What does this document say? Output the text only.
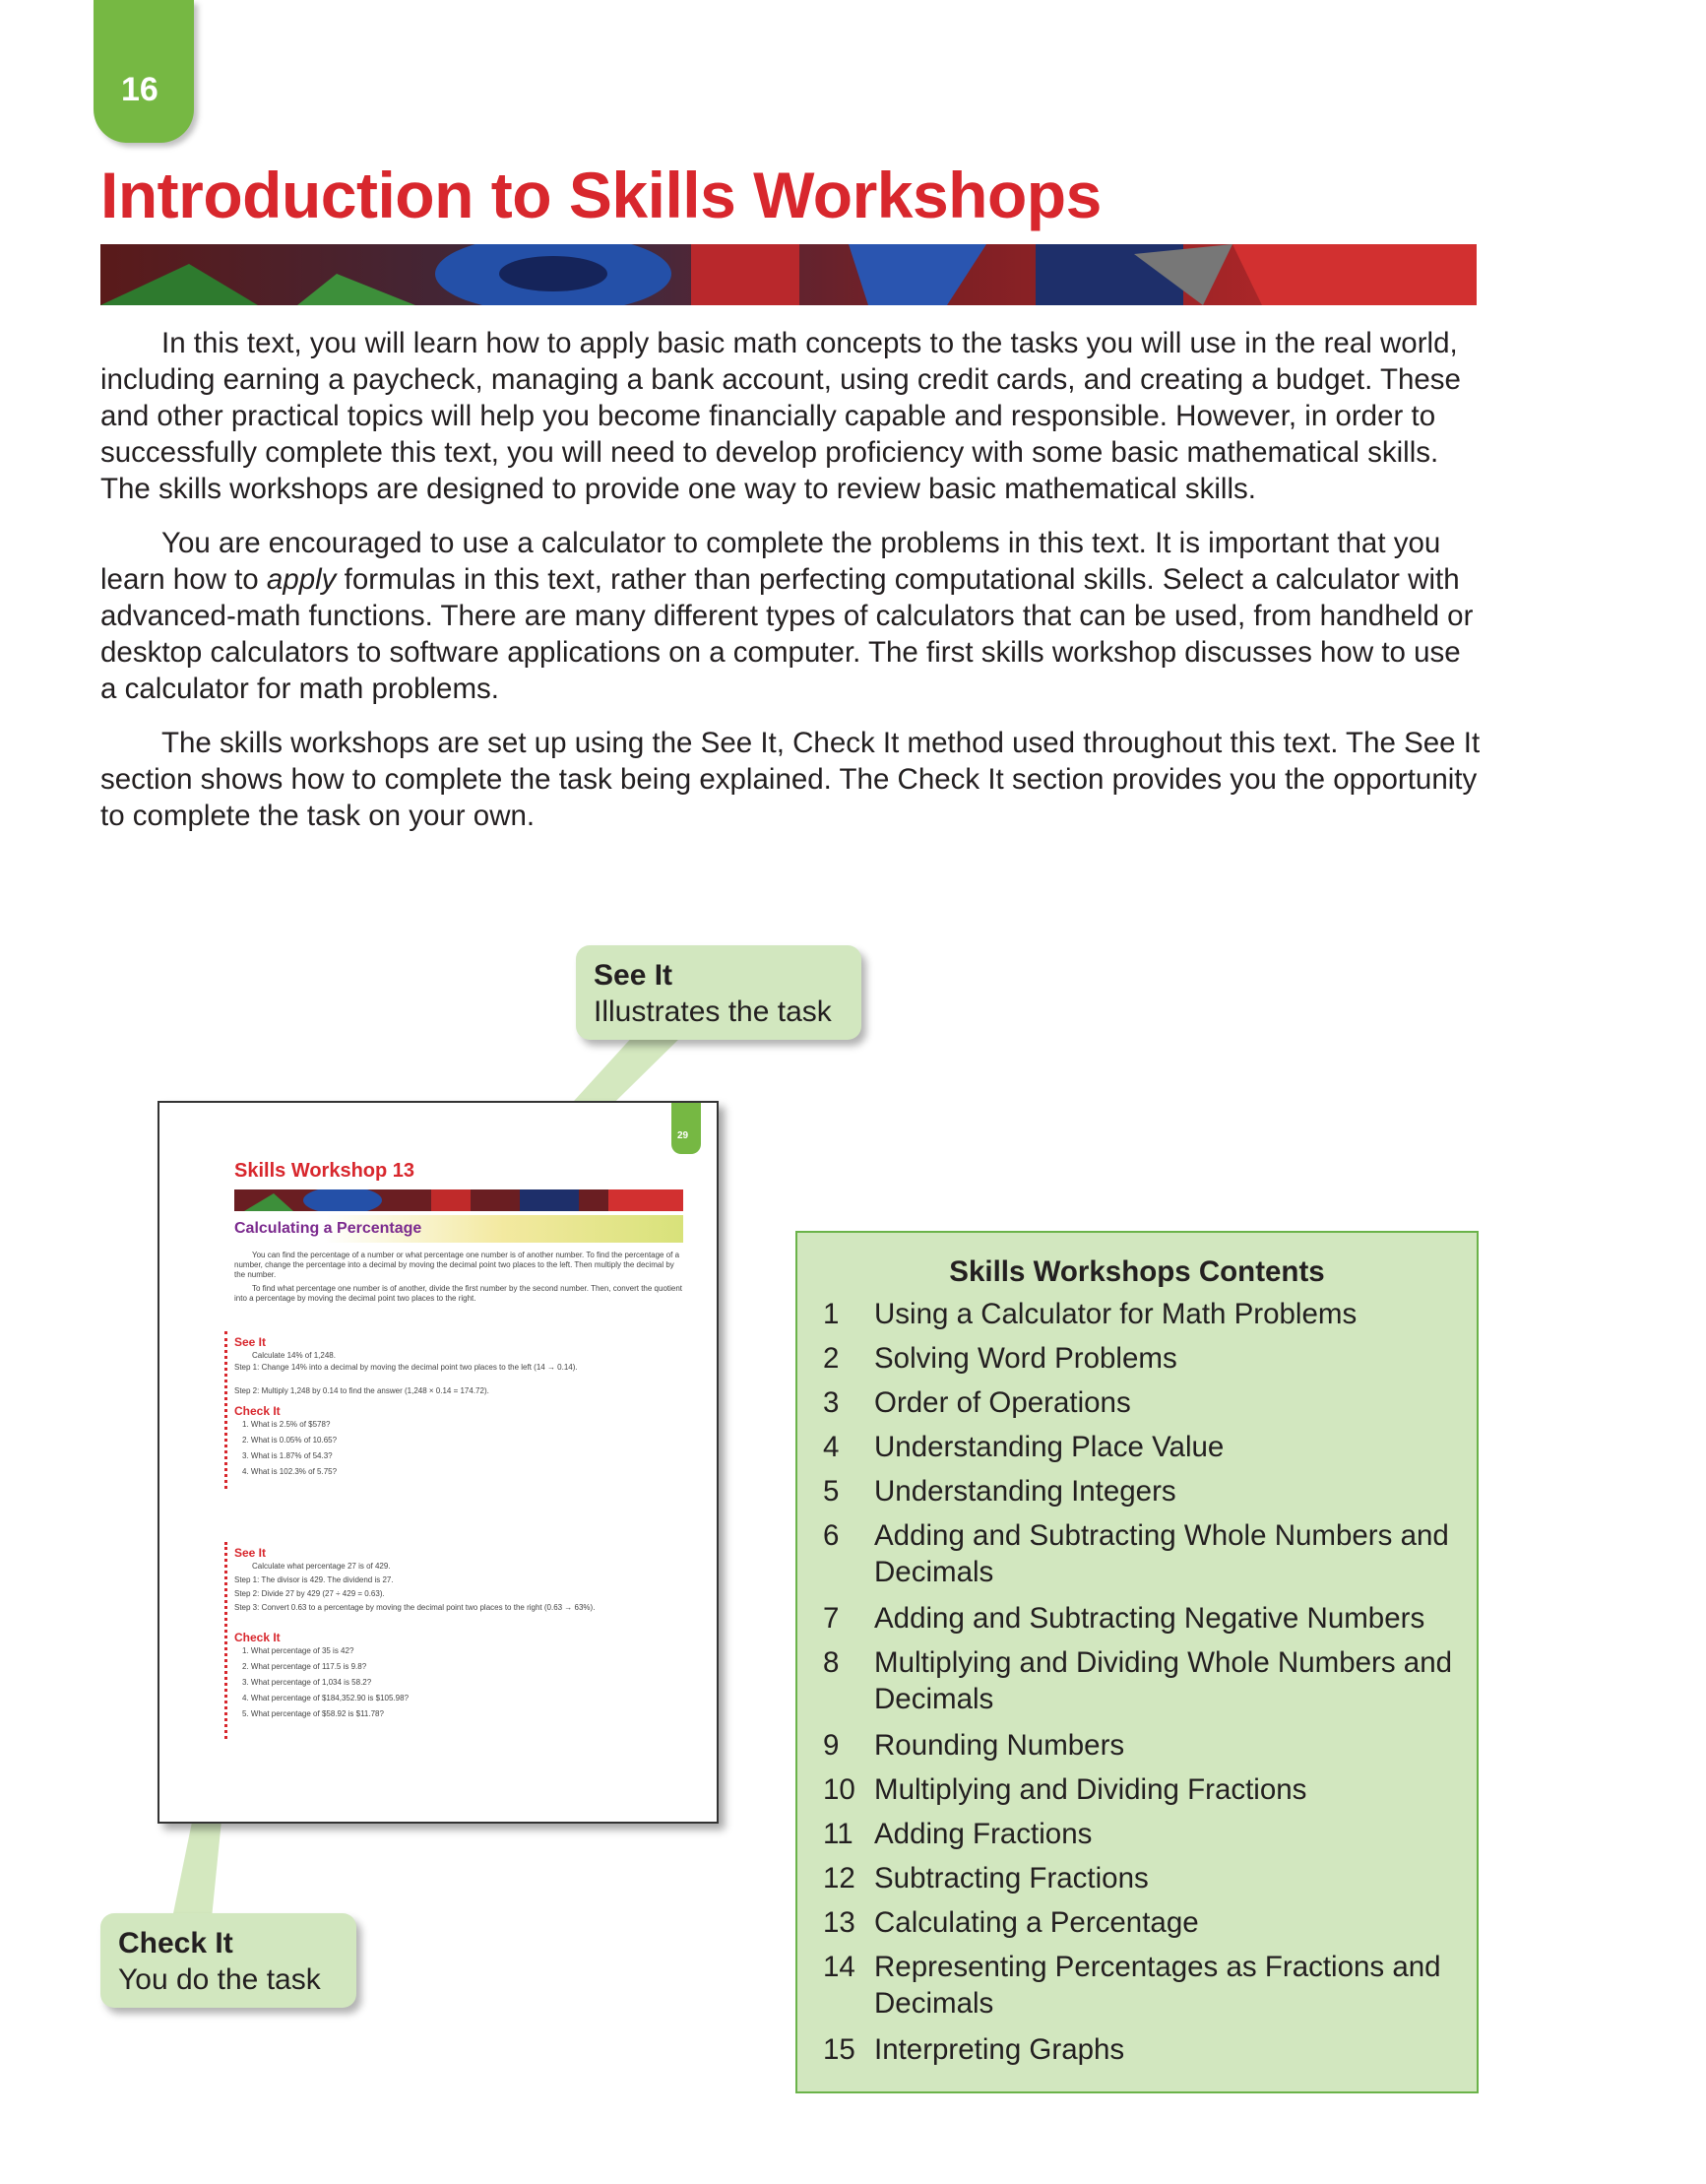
16
Introduction to Skills Workshops

In this text, you will learn how to apply basic math concepts to the tasks you will use in the real world, including earning a paycheck, managing a bank account, using credit cards, and creating a budget. These and other practical topics will help you become financially capable and responsible. However, in order to successfully complete this text, you will need to develop proficiency with some basic mathematical skills. The skills workshops are designed to provide one way to review basic mathematical skills.

You are encouraged to use a calculator to complete the problems in this text. It is important that you learn how to apply formulas in this text, rather than perfecting computational skills. Select a calculator with advanced-math functions. There are many different types of calculators that can be used, from handheld or desktop calculators to software applications on a computer. The first skills workshop discusses how to use a calculator for math problems.

The skills workshops are set up using the See It, Check It method used throughout this text. The See It section shows how to complete the task being explained. The Check It section provides you the opportunity to complete the task on your own.

29
Skills Workshop 13
Calculating a Percentage
You can find the percentage of a number or what percentage one number is of another number. To find the percentage of a number, change the percentage into a decimal by moving the decimal point two places to the left. Then multiply the decimal by the number.
To find what percentage one number is of another, divide the first number by the second number. Then, convert the quotient into a percentage by moving the decimal point two places to the right.
See It
Calculate 14% of 1,248.
Step 1: Change 14% into a decimal by moving the decimal point two places to the left (14 → 0.14).
Step 2: Multiply 1,248 by 0.14 to find the answer (1,248 × 0.14 = 174.72).
Check It
1. What is 2.5% of $578?
2. What is 0.05% of 10.65?
3. What is 1.87% of 54.3?
4. What is 102.3% of 5.75?
See It
Calculate what percentage 27 is of 429.
Step 1: The divisor is 429. The dividend is 27.
Step 2: Divide 27 by 429 (27 ÷ 429 = 0.63).
Step 3: Convert 0.63 to a percentage by moving the decimal point two places to the right (0.63 → 63%).
Check It
1. What percentage of 35 is 42?
2. What percentage of 117.5 is 9.8?
3. What percentage of 1,034 is 58.2?
4. What percentage of $184,352.90 is $105.98?
5. What percentage of $58.92 is $11.78?
See It
Illustrates the task
Check It
You do the task
Skills Workshops Contents
1	Using a Calculator for Math Problems
2	Solving Word Problems
3	Order of Operations
4	Understanding Place Value
5	Understanding Integers
6	Adding and Subtracting Whole Numbers and Decimals
7	Adding and Subtracting Negative Numbers
8	Multiplying and Dividing Whole Numbers and Decimals
9	Rounding Numbers
10 Multiplying and Dividing Fractions
11 Adding Fractions
12 Subtracting Fractions
13 Calculating a Percentage
14 Representing Percentages as Fractions and Decimals
15 Interpreting Graphs
